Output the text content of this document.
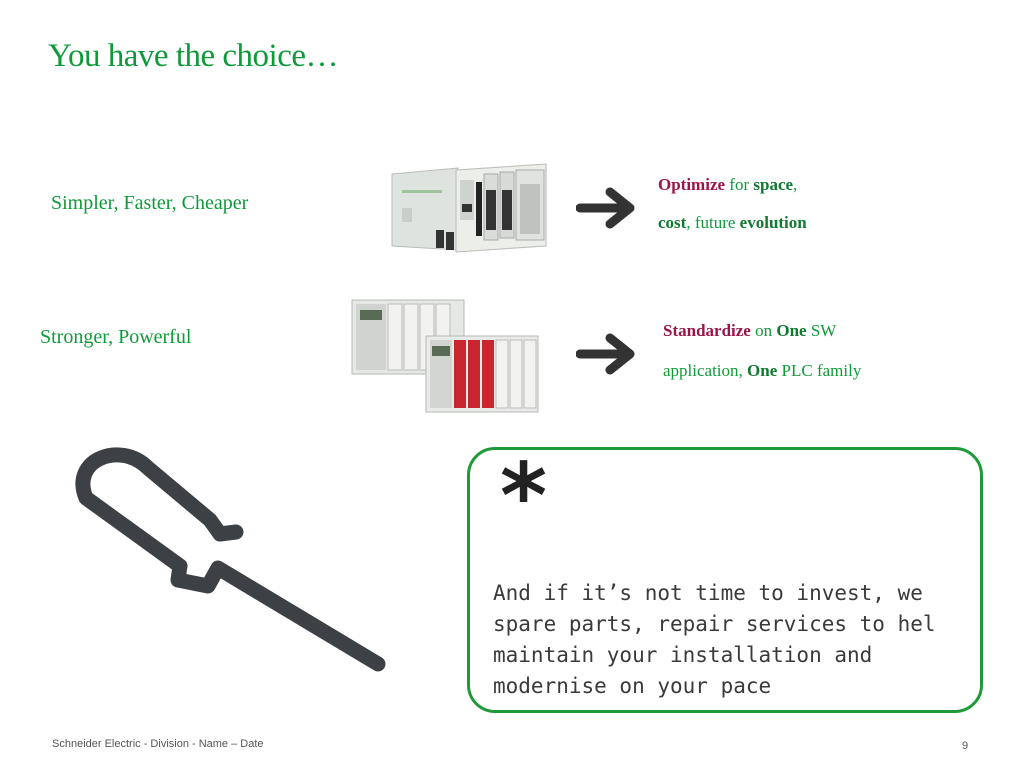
You have the choice…
Simpler, Faster, Cheaper
Optimize for space,
cost, future evolution
Stronger, Powerful	Standardize on One SW
application, One PLC family
*
And if it’s not time to invest, we
spare parts, repair services to hel
maintain your installation and
modernise on your pace
Schneider Electric - Division - Name – Date	9
